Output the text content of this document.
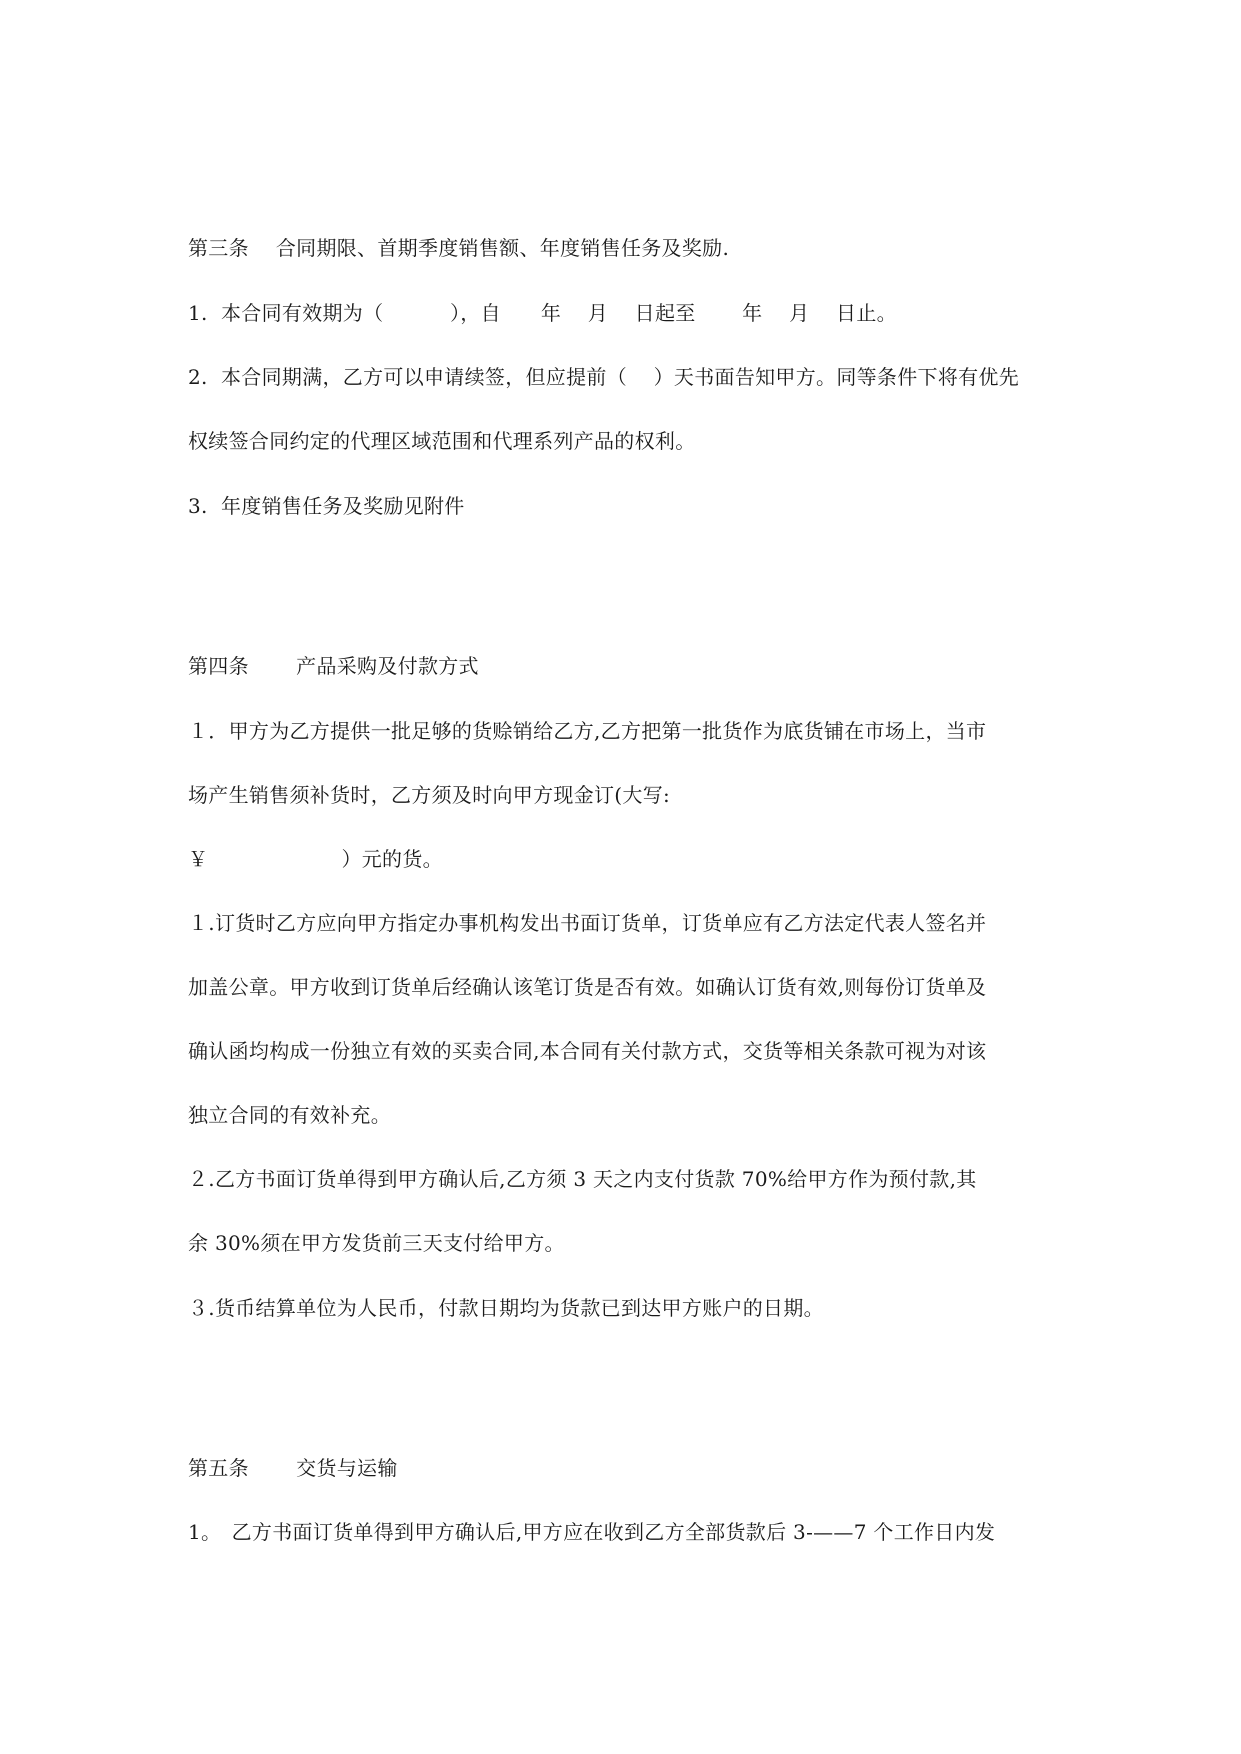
第三条　 合同期限、首期季度销售额、年度销售任务及奖励.

1.  本合同有效期为（          ），自      年    月    日起至       年    月    日止。

2.  本合同期满，乙方可以申请续签，但应提前（    ）天书面告知甲方。同等条件下将有优先

权续签合同约定的代理区域范围和代理系列产品的权利。

3.  年度销售任务及奖励见附件

第四条　　 产品采购及付款方式

１．甲方为乙方提供一批足够的货赊销给乙方,乙方把第一批货作为底货铺在市场上，当市

场产生销售须补货时，乙方须及时向甲方现金订(大写:

￥                    ）元的货。

１.订货时乙方应向甲方指定办事机构发出书面订货单，订货单应有乙方法定代表人签名并

加盖公章。甲方收到订货单后经确认该笔订货是否有效。如确认订货有效,则每份订货单及

确认函均构成一份独立有效的买卖合同,本合同有关付款方式，交货等相关条款可视为对该

独立合同的有效补充。

２.乙方书面订货单得到甲方确认后,乙方须 3 天之内支付货款 70%给甲方作为预付款,其

余 30%须在甲方发货前三天支付给甲方。

３.货币结算单位为人民币，付款日期均为货款已到达甲方账户的日期。

第五条　　 交货与运输

1。　乙方书面订货单得到甲方确认后,甲方应在收到乙方全部货款后 3-——7 个工作日内发
